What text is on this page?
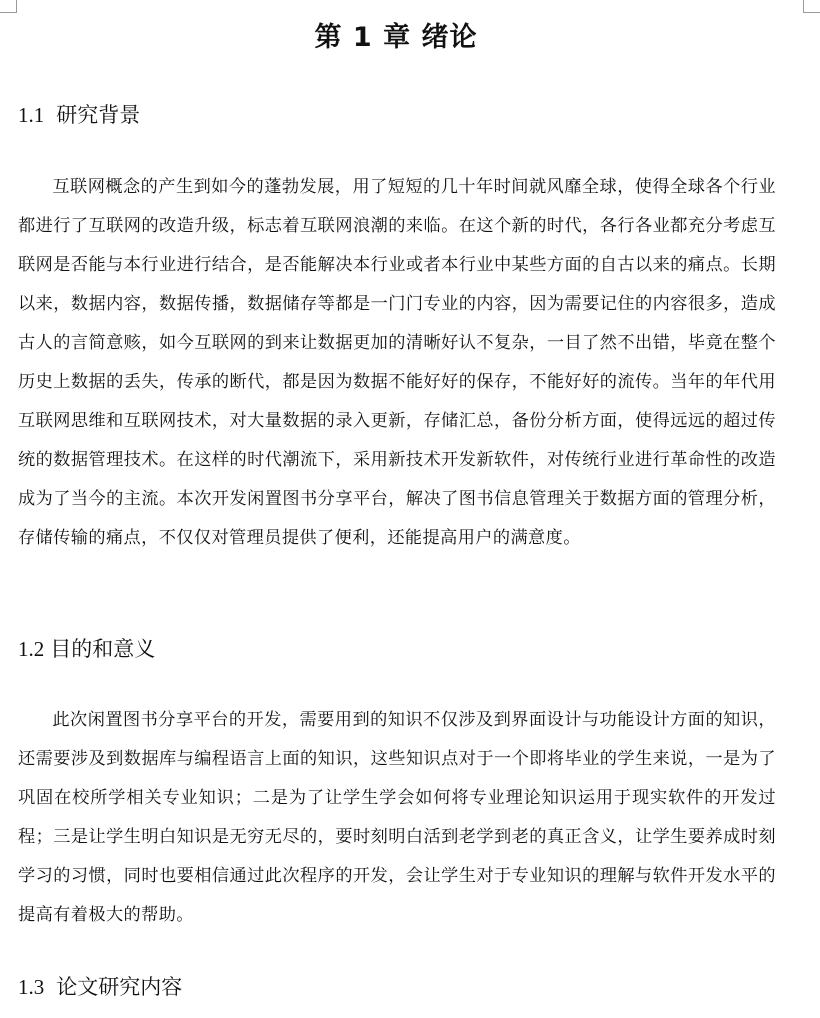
第 1 章 绪论
1.1 研究背景

互联网概念的产生到如今的蓬勃发展，用了短短的几十年时间就风靡全球，使得全球各个行业都进行了互联网的改造升级，标志着互联网浪潮的来临。在这个新的时代，各行各业都充分考虑互联网是否能与本行业进行结合，是否能解决本行业或者本行业中某些方面的自古以来的痛点。长期以来，数据内容，数据传播，数据储存等都是一门门专业的内容，因为需要记住的内容很多，造成古人的言简意赅，如今互联网的到来让数据更加的清晰好认不复杂，一目了然不出错，毕竟在整个历史上数据的丢失，传承的断代，都是因为数据不能好好的保存，不能好好的流传。当年的年代用互联网思维和互联网技术，对大量数据的录入更新，存储汇总，备份分析方面，使得远远的超过传统的数据管理技术。在这样的时代潮流下，采用新技术开发新软件，对传统行业进行革命性的改造成为了当今的主流。本次开发闲置图书分享平台，解决了图书信息管理关于数据方面的管理分析，存储传输的痛点，不仅仅对管理员提供了便利，还能提高用户的满意度。

1.2 目的和意义

此次闲置图书分享平台的开发，需要用到的知识不仅涉及到界面设计与功能设计方面的知识，还需要涉及到数据库与编程语言上面的知识，这些知识点对于一个即将毕业的学生来说，一是为了巩固在校所学相关专业知识；二是为了让学生学会如何将专业理论知识运用于现实软件的开发过程；三是让学生明白知识是无穷无尽的，要时刻明白活到老学到老的真正含义，让学生要养成时刻学习的习惯，同时也要相信通过此次程序的开发，会让学生对于专业知识的理解与软件开发水平的提高有着极大的帮助。

1.3 论文研究内容
